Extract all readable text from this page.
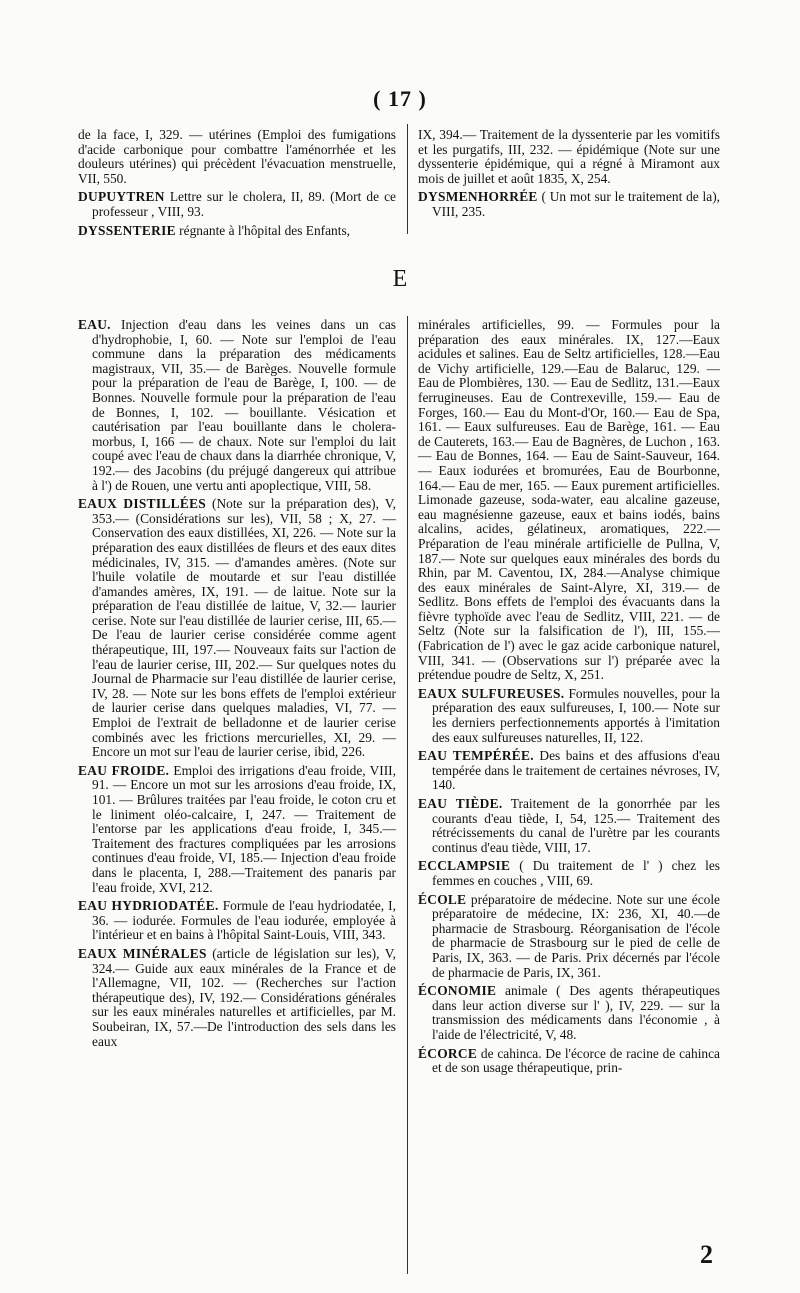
( 17 )

de la face, I, 329. — utérines (Emploi des fumigations d'acide carbonique pour combattre l'aménorrhée et les douleurs utérines) qui précèdent l'évacuation menstruelle, VII, 550.

DUPUYTREN Lettre sur le cholera, II, 89. (Mort de ce professeur , VIII, 93.

DYSSENTERIE régnante à l'hôpital des Enfants,

IX, 394.— Traitement de la dyssenterie par les vomitifs et les purgatifs, III, 232. — épidémique (Note sur une dyssenterie épidémique, qui a régné à Miramont aux mois de juillet et août 1835, X, 254.

DYSMENHORRÉE ( Un mot sur le traitement de la), VIII, 235.

E

EAU. Injection d'eau dans les veines dans un cas d'hydrophobie, I, 60. — Note sur l'emploi de l'eau commune dans la préparation des médicaments magistraux, VII, 35.— de Barèges. Nouvelle formule pour la préparation de l'eau de Barège, I, 100. — de Bonnes. Nouvelle formule pour la préparation de l'eau de Bonnes, I, 102. — bouillante. Vésication et cautérisation par l'eau bouillante dans le cholera-morbus, I, 166 — de chaux. Note sur l'emploi du lait coupé avec l'eau de chaux dans la diarrhée chronique, V, 192.— des Jacobins (du préjugé dangereux qui attribue à l') de Rouen, une vertu anti apoplectique, VIII, 58.

EAUX DISTILLÉES (Note sur la préparation des), V, 353.— (Considérations sur les), VII, 58 ; X, 27. — Conservation des eaux distillées, XI, 226. — Note sur la préparation des eaux distillées de fleurs et des eaux dites médicinales, IV, 315. — d'amandes amères. (Note sur l'huile volatile de moutarde et sur l'eau distillée d'amandes amères, IX, 191. — de laitue. Note sur la préparation de l'eau distillée de laitue, V, 32.— laurier cerise. Note sur l'eau distillée de laurier cerise, III, 65.— De l'eau de laurier cerise considérée comme agent thérapeutique, III, 197.— Nouveaux faits sur l'action de l'eau de laurier cerise, III, 202.— Sur quelques notes du Journal de Pharmacie sur l'eau distillée de laurier cerise, IV, 28. — Note sur les bons effets de l'emploi extérieur de laurier cerise dans quelques maladies, VI, 77. —Emploi de l'extrait de belladonne et de laurier cerise combinés avec les frictions mercurielles, XI, 29. — Encore un mot sur l'eau de laurier cerise, ibid, 226.

EAU FROIDE. Emploi des irrigations d'eau froide, VIII, 91. — Encore un mot sur les arrosions d'eau froide, IX, 101. — Brûlures traitées par l'eau froide, le coton cru et le liniment oléo-calcaire, I, 247. — Traitement de l'entorse par les applications d'eau froide, I, 345.— Traitement des fractures compliquées par les arrosions continues d'eau froide, VI, 185.— Injection d'eau froide dans le placenta, I, 288.—Traitement des panaris par l'eau froide, XVI, 212.

EAU HYDRIODATÉE. Formule de l'eau hydriodatée, I, 36. — iodurée. Formules de l'eau iodurée, employée à l'intérieur et en bains à l'hôpital Saint-Louis, VIII, 343.

EAUX MINÉRALES (article de législation sur les), V, 324.— Guide aux eaux minérales de la France et de l'Allemagne, VII, 102. — (Recherches sur l'action thérapeutique des), IV, 192.— Considérations générales sur les eaux minérales naturelles et artificielles, par M. Soubeiran, IX, 57.—De l'introduction des sels dans les eaux

minérales artificielles, 99. — Formules pour la préparation des eaux minérales. IX, 127.—Eaux acidules et salines. Eau de Seltz artificielles, 128.—Eau de Vichy artificielle, 129.—Eau de Balaruc, 129. — Eau de Plombières, 130. — Eau de Sedlitz, 131.—Eaux ferrugineuses. Eau de Contrexeville, 159.— Eau de Forges, 160.— Eau du Mont-d'Or, 160.— Eau de Spa, 161. — Eaux sulfureuses. Eau de Barège, 161. — Eau de Cauterets, 163.— Eau de Bagnères, de Luchon , 163.— Eau de Bonnes, 164. — Eau de Saint-Sauveur, 164. — Eaux iodurées et bromurées, Eau de Bourbonne, 164.— Eau de mer, 165. — Eaux purement artificielles. Limonade gazeuse, soda-water, eau alcaline gazeuse, eau magnésienne gazeuse, eaux et bains iodés, bains alcalins, acides, gélatineux, aromatiques, 222.— Préparation de l'eau minérale artificielle de Pullna, V, 187.— Note sur quelques eaux minérales des bords du Rhin, par M. Caventou, IX, 284.—Analyse chimique des eaux minérales de Saint-Alyre, XI, 319.— de Sedlitz. Bons effets de l'emploi des évacuants dans la fièvre typhoïde avec l'eau de Sedlitz, VIII, 221. — de Seltz (Note sur la falsification de l'), III, 155.—(Fabrication de l') avec le gaz acide carbonique naturel, VIII, 341. — (Observations sur l') préparée avec la prétendue poudre de Seltz, X, 251.

EAUX SULFUREUSES. Formules nouvelles, pour la préparation des eaux sulfureuses, I, 100.— Note sur les derniers perfectionnements apportés à l'imitation des eaux sulfureuses naturelles, II, 122.

EAU TEMPÉRÉE. Des bains et des affusions d'eau tempérée dans le traitement de certaines névroses, IV, 140.

EAU TIÈDE. Traitement de la gonorrhée par les courants d'eau tiède, I, 54, 125.— Traitement des rétrécissements du canal de l'urètre par les courants continus d'eau tiède, VIII, 17.

ECCLAMPSIE ( Du traitement de l' ) chez les femmes en couches , VIII, 69.

ÉCOLE préparatoire de médecine. Note sur une école préparatoire de médecine, IX: 236, XI, 40.—de pharmacie de Strasbourg. Réorganisation de l'école de pharmacie de Strasbourg sur le pied de celle de Paris, IX, 363. — de Paris. Prix décernés par l'école de pharmacie de Paris, IX, 361.

ÉCONOMIE animale ( Des agents thérapeutiques dans leur action diverse sur l' ), IV, 229. — sur la transmission des médicaments dans l'économie , à l'aide de l'électricité, V, 48.

ÉCORCE de cahinca. De l'écorce de racine de cahinca et de son usage thérapeutique, prin-

2
